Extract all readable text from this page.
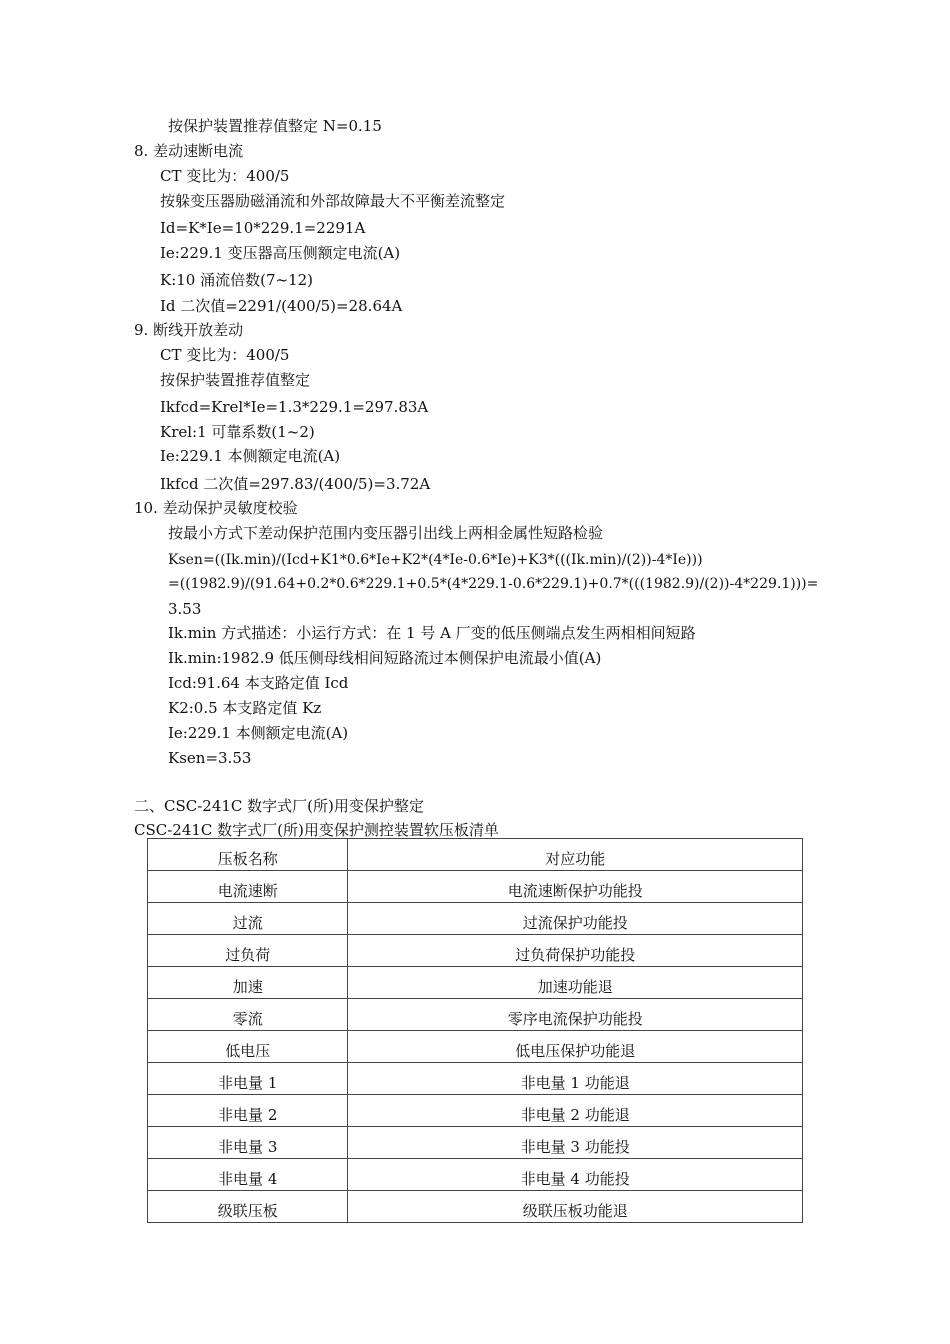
按保护装置推荐值整定 N=0.15
8. 差动速断电流
CT 变比为：400/5
按躲变压器励磁涌流和外部故障最大不平衡差流整定
Id=K*Ie=10*229.1=2291A
Ie:229.1 变压器高压侧额定电流(A)
K:10 涌流倍数(7~12)
Id 二次值=2291/(400/5)=28.64A
9. 断线开放差动
CT 变比为：400/5
按保护装置推荐值整定
Ikfcd=Krel*Ie=1.3*229.1=297.83A
Krel:1 可靠系数(1~2)
Ie:229.1 本侧额定电流(A)
Ikfcd 二次值=297.83/(400/5)=3.72A
10. 差动保护灵敏度校验
按最小方式下差动保护范围内变压器引出线上两相金属性短路检验
Ksen=((Ik.min)/(Icd+K1*0.6*Ie+K2*(4*Ie-0.6*Ie)+K3*(((Ik.min)/(2))-4*Ie)))
=((1982.9)/(91.64+0.2*0.6*229.1+0.5*(4*229.1-0.6*229.1)+0.7*(((1982.9)/(2))-4*229.1)))=
3.53
Ik.min 方式描述：小运行方式：在 1 号 A 厂变的低压侧端点发生两相相间短路
Ik.min:1982.9 低压侧母线相间短路流过本侧保护电流最小值(A)
Icd:91.64 本支路定值 Icd
K2:0.5 本支路定值 Kz
Ie:229.1 本侧额定电流(A)
Ksen=3.53
二、CSC-241C 数字式厂(所)用变保护整定
CSC-241C 数字式厂(所)用变保护测控装置软压板清单
压板名称	对应功能
电流速断	电流速断保护功能投
过流	过流保护功能投
过负荷	过负荷保护功能投
加速	加速功能退
零流	零序电流保护功能投
低电压	低电压保护功能退
非电量 1	非电量 1 功能退
非电量 2	非电量 2 功能退
非电量 3	非电量 3 功能投
非电量 4	非电量 4 功能投
级联压板	级联压板功能退
